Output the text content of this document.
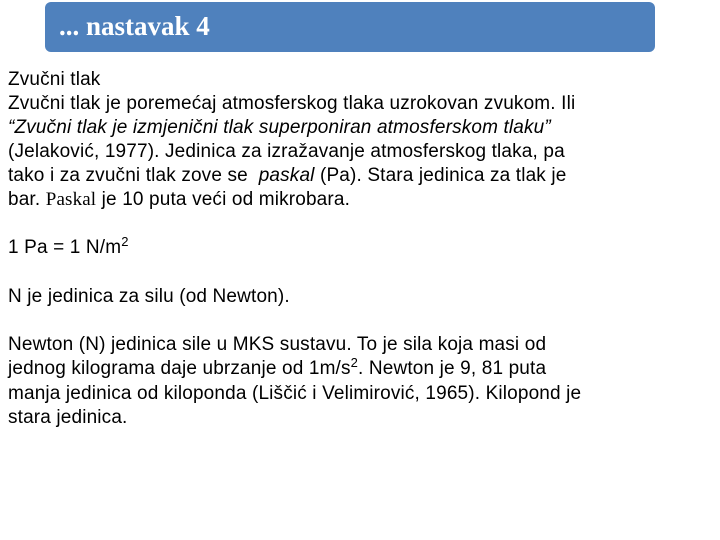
... nastavak 4
Zvučni tlak
Zvučni tlak je poremećaj atmosferskog tlaka uzrokovan zvukom. Ili
“Zvučni tlak je izmjenični tlak superponiran atmosferskom tlaku”
(Jelaković, 1977). Jedinica za izražavanje atmosferskog tlaka, pa
tako i za zvučni tlak zove se  paskal (Pa). Stara jedinica za tlak je
bar. Paskal je 10 puta veći od mikrobara.
1 Pa = 1 $N/m^2$
N je jedinica za silu (od Newton).
Newton (N) jedinica sile u MKS sustavu. To je sila koja masi od
jednog kilograma daje ubrzanje od $1m/s^2$. Newton je 9, 81 puta
manja jedinica od kiloponda (Liščić i Velimirović, 1965). Kilopond je
stara jedinica.
